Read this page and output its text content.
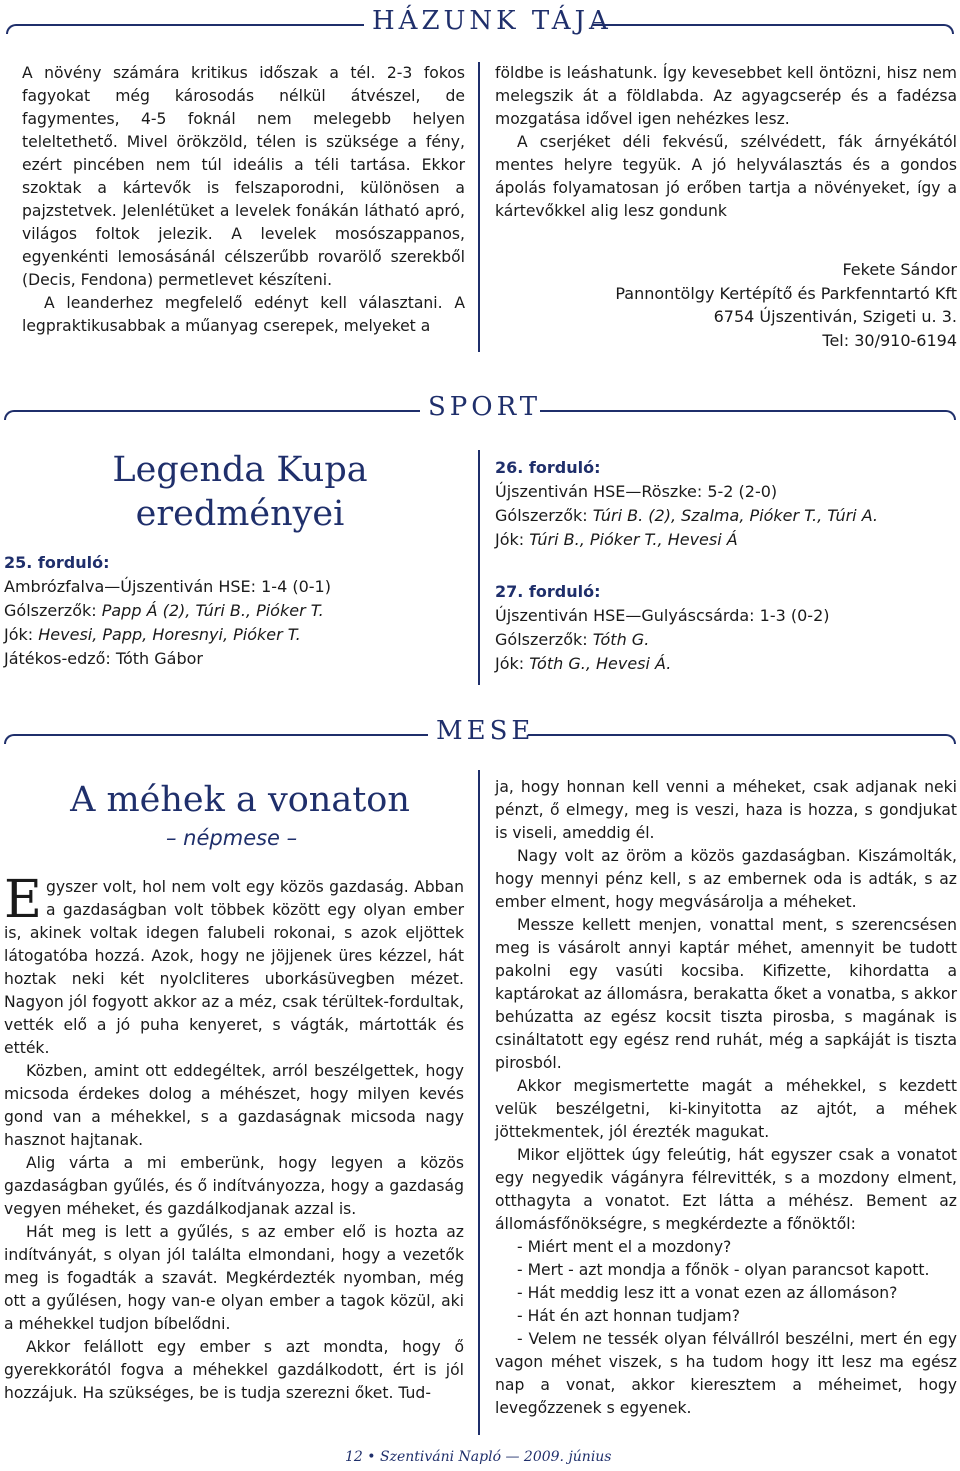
HÁZUNK TÁJA

A növény számára kritikus időszak a tél. 2-3 fokos fagyokat még károsodás nélkül átvészel, de fagymentes, 4-5 foknál nem melegebb helyen teleltethető. Mivel örökzöld, télen is szüksége a fény, ezért pincében nem túl ideális a téli tartása. Ekkor szoktak a kártevők is felszaporodni, különösen a pajzstetvek. Jelenlétüket a levelek fonákán látható apró, világos foltok jelezik. A levelek mosószappanos, egyenkénti lemosásánál célszerűbb rovarölő szerekből (Decis, Fendona) permetlevet készíteni.

A leanderhez megfelelő edényt kell választani. A legpraktikusabbak a műanyag cserepek, melyeket a

földbe is leáshatunk. Így kevesebbet kell öntözni, hisz nem melegszik át a földlabda. Az agyagcserép és a fadézsa mozgatása idővel igen nehézkes lesz.

A cserjéket déli fekvésű, szélvédett, fák árnyékától mentes helyre tegyük. A jó helyválasztás és a gondos ápolás folyamatosan jó erőben tartja a növényeket, így a kártevőkkel alig lesz gondunk

Fekete Sándor
Pannontölgy Kertépítő és Parkfenntartó Kft
6754 Újszentiván, Szigeti u. 3.
Tel: 30/910-6194
SPORT
Legenda Kupa
eredményei
25. forduló:
Ambrózfalva—Újszentiván HSE: 1-4 (0-1)
Gólszerzők: Papp Á (2), Túri B., Pióker T.
Jók: Hevesi, Papp, Horesnyi, Pióker T.
Játékos-edző: Tóth Gábor
26. forduló:
Újszentiván HSE—Röszke: 5-2 (2-0)
Gólszerzők: Túri B. (2), Szalma, Pióker T., Túri A.
Jók: Túri B., Pióker T., Hevesi Á
27. forduló:
Újszentiván HSE—Gulyáscsárda: 1-3 (0-2)
Gólszerzők: Tóth G.
Jók: Tóth G., Hevesi Á.
MESE
A méhek a vonaton
– népmese –

Egyszer volt, hol nem volt egy közös gazdaság. Abban a gazdaságban volt többek között egy olyan ember is, akinek voltak idegen falubeli rokonai, s azok eljöttek látogatóba hozzá. Azok, hogy ne jöjjenek üres kézzel, hát hoztak neki két nyolcliteres uborkásüvegben mézet. Nagyon jól fogyott akkor az a méz, csak térültek-fordultak, vették elő a jó puha kenyeret, s vágták, mártották és ették.

Közben, amint ott eddegéltek, arról beszélgettek, hogy micsoda érdekes dolog a méhészet, hogy milyen kevés gond van a méhekkel, s a gazdaságnak micsoda nagy hasznot hajtanak.

Alig várta a mi emberünk, hogy legyen a közös gazdaságban gyűlés, és ő indítványozza, hogy a gazdaság vegyen méheket, és gazdálkodjanak azzal is.

Hát meg is lett a gyűlés, s az ember elő is hozta az indítványát, s olyan jól találta elmondani, hogy a vezetők meg is fogadták a szavát. Megkérdezték nyomban, még ott a gyűlésen, hogy van-e olyan ember a tagok közül, aki a méhekkel tudjon bíbelődni.

Akkor felállott egy ember s azt mondta, hogy ő gyerekkorától fogva a méhekkel gazdálkodott, ért is jól hozzájuk. Ha szükséges, be is tudja szerezni őket. Tud-

ja, hogy honnan kell venni a méheket, csak adjanak neki pénzt, ő elmegy, meg is veszi, haza is hozza, s gondjukat is viseli, ameddig él.

Nagy volt az öröm a közös gazdaságban. Kiszámolták, hogy mennyi pénz kell, s az embernek oda is adták, s az ember elment, hogy megvásárolja a méheket.

Messze kellett menjen, vonattal ment, s szerencsésen meg is vásárolt annyi kaptár méhet, amennyit be tudott pakolni egy vasúti kocsiba. Kifizette, kihordatta a kaptárokat az állomásra, berakatta őket a vonatba, s akkor behúzatta az egész kocsit tiszta pirosba, s magának is csináltatott egy egész rend ruhát, még a sapkáját is tiszta pirosból.

Akkor megismertette magát a méhekkel, s kezdett velük beszélgetni, ki-kinyitotta az ajtót, a méhek jöttekmentek, jól érezték magukat.

Mikor eljöttek úgy feleútig, hát egyszer csak a vonatot egy negyedik vágányra félrevitték, s a mozdony elment, otthagyta a vonatot. Ezt látta a méhész. Bement az állomásfőnökségre, s megkérdezte a főnöktől:

- Miért ment el a mozdony?

- Mert - azt mondja a főnök - olyan parancsot kapott.

- Hát meddig lesz itt a vonat ezen az állomáson?

- Hát én azt honnan tudjam?

- Velem ne tessék olyan félvállról beszélni, mert én egy vagon méhet viszek, s ha tudom hogy itt lesz ma egész nap a vonat, akkor kieresztem a méheimet, hogy levegőzzenek s egyenek.

12 • Szentiváni Napló — 2009. június
